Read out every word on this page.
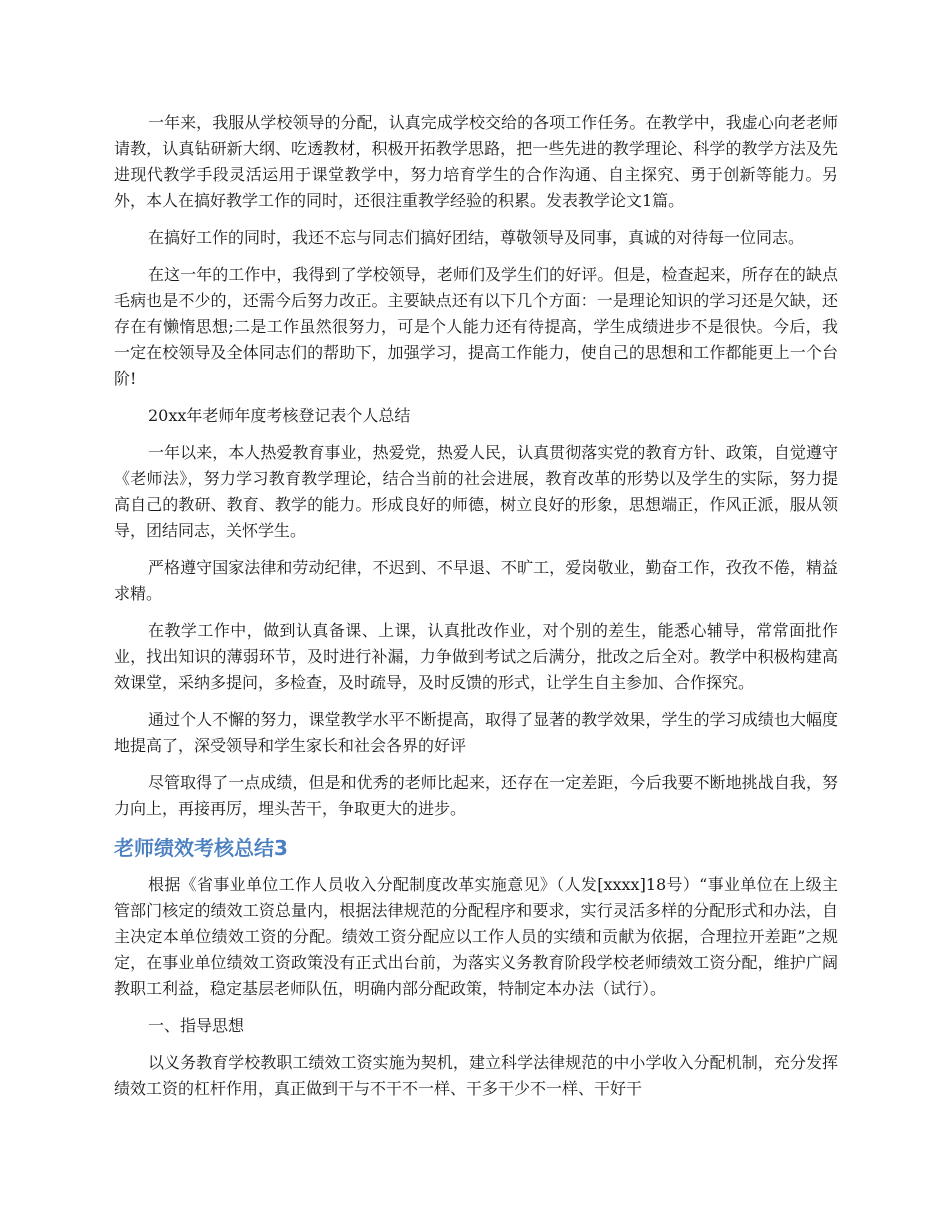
一年来，我服从学校领导的分配，认真完成学校交给的各项工作任务。在教学中，我虚心向老老师请教，认真钻研新大纲、吃透教材，积极开拓教学思路，把一些先进的教学理论、科学的教学方法及先进现代教学手段灵活运用于课堂教学中，努力培育学生的合作沟通、自主探究、勇于创新等能力。另外，本人在搞好教学工作的同时，还很注重教学经验的积累。发表教学论文1篇。

在搞好工作的同时，我还不忘与同志们搞好团结，尊敬领导及同事，真诚的对待每一位同志。

在这一年的工作中，我得到了学校领导，老师们及学生们的好评。但是，检查起来，所存在的缺点毛病也是不少的，还需今后努力改正。主要缺点还有以下几个方面：一是理论知识的学习还是欠缺，还存在有懒惰思想;二是工作虽然很努力，可是个人能力还有待提高，学生成绩进步不是很快。今后，我一定在校领导及全体同志们的帮助下，加强学习，提高工作能力，使自己的思想和工作都能更上一个台阶!

20xx年老师年度考核登记表个人总结

一年以来，本人热爱教育事业，热爱党，热爱人民，认真贯彻落实党的教育方针、政策，自觉遵守《老师法》，努力学习教育教学理论，结合当前的社会进展，教育改革的形势以及学生的实际，努力提高自己的教研、教育、教学的能力。形成良好的师德，树立良好的形象，思想端正，作风正派，服从领导，团结同志，关怀学生。

严格遵守国家法律和劳动纪律，不迟到、不早退、不旷工，爱岗敬业，勤奋工作，孜孜不倦，精益求精。

在教学工作中，做到认真备课、上课，认真批改作业，对个别的差生，能悉心辅导，常常面批作业，找出知识的薄弱环节，及时进行补漏，力争做到考试之后满分，批改之后全对。教学中积极构建高效课堂，采纳多提问，多检查，及时疏导，及时反馈的形式，让学生自主参加、合作探究。

通过个人不懈的努力，课堂教学水平不断提高，取得了显著的教学效果，学生的学习成绩也大幅度地提高了，深受领导和学生家长和社会各界的好评

尽管取得了一点成绩，但是和优秀的老师比起来，还存在一定差距，今后我要不断地挑战自我，努力向上，再接再厉，埋头苦干，争取更大的进步。

老师绩效考核总结3

根据《省事业单位工作人员收入分配制度改革实施意见》（人发[xxxx]18号）“事业单位在上级主管部门核定的绩效工资总量内，根据法律规范的分配程序和要求，实行灵活多样的分配形式和办法，自主决定本单位绩效工资的分配。绩效工资分配应以工作人员的实绩和贡献为依据，合理拉开差距”之规定，在事业单位绩效工资政策没有正式出台前，为落实义务教育阶段学校老师绩效工资分配，维护广阔教职工利益，稳定基层老师队伍，明确内部分配政策，特制定本办法（试行）。

一、指导思想

以义务教育学校教职工绩效工资实施为契机，建立科学法律规范的中小学收入分配机制，充分发挥绩效工资的杠杆作用，真正做到干与不干不一样、干多干少不一样、干好干
